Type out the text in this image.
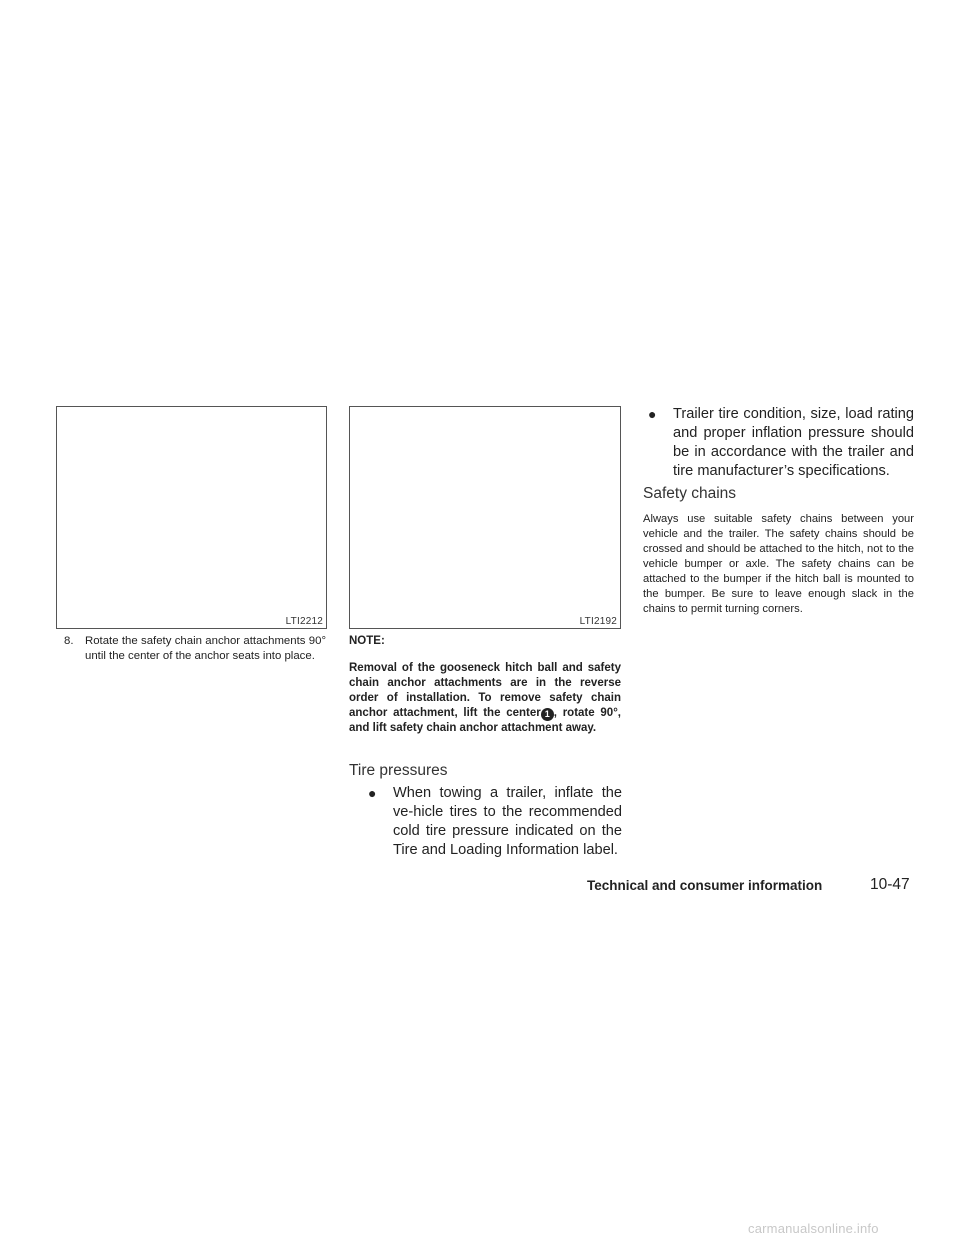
LTI2212	LTI2192
8.	Rotate the safety chain anchor attachments 90° until the center of the anchor seats into place.
NOTE:
Removal of the gooseneck hitch ball and safety chain anchor attachments are in the reverse order of installation. To remove safety chain anchor attachment, lift the center 1 , rotate 90°, and lift safety chain anchor attachment away.
Tire pressures
●	When towing a trailer, inflate the ve-hicle tires to the recommended cold tire pressure indicated on the Tire and Loading Information label.
●	Trailer tire condition, size, load rating and proper inflation pressure should be in accordance with the trailer and tire manufacturer’s specifications.
Safety chains
Always use suitable safety chains between your vehicle and the trailer. The safety chains should be crossed and should be attached to the hitch, not to the vehicle bumper or axle. The safety chains can be attached to the bumper if the hitch ball is mounted to the bumper. Be sure to leave enough slack in the chains to permit turning corners.
Technical and consumer information	10-47
carmanualsonline.info
